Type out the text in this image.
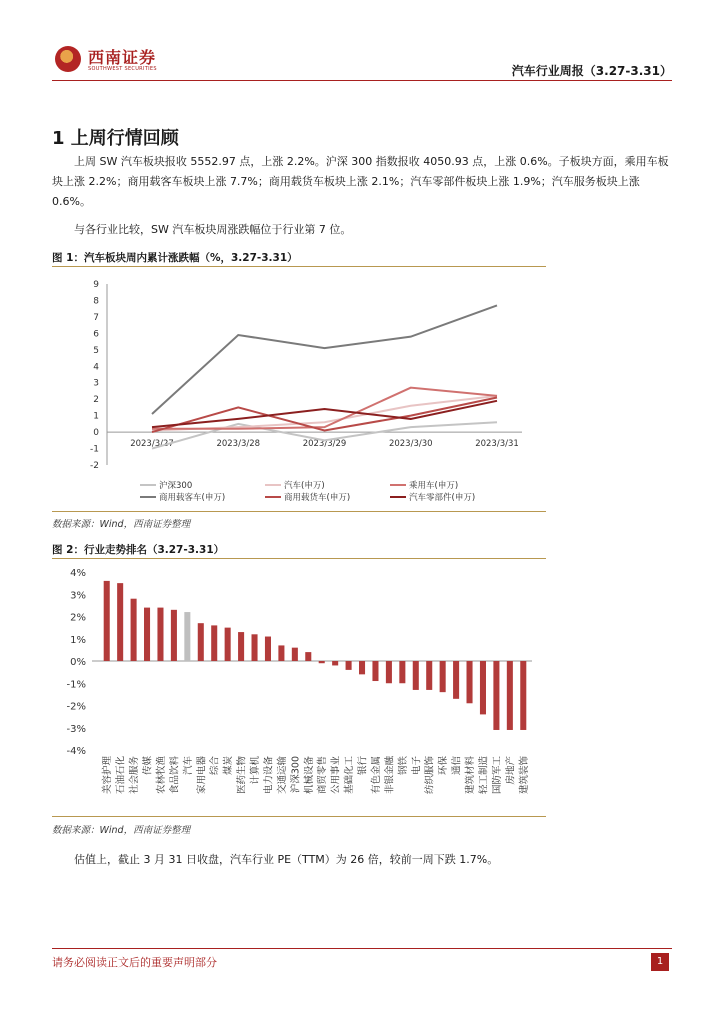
西南证券
SOUTHWEST SECURITIES	汽车行业周报（3.27-3.31）
1 上周行情回顾

上周 SW 汽车板块报收 5552.97 点，上涨 2.2%。沪深 300 指数报收 4050.93 点，上涨 0.6%。子板块方面，乘用车板块上涨 2.2%；商用载客车板块上涨 7.7%；商用载货车板块上涨 2.1%；汽车零部件板块上涨 1.9%；汽车服务板块上涨 0.6%。

与各行业比较，SW 汽车板块周涨跌幅位于行业第 7 位。

图 1：汽车板块周内累计涨跌幅（%，3.27-3.31）
-2
-1
0
1
2
3
4
5
6
7
8
9
2023/3/27	2023/3/28	2023/3/29	2023/3/30	2023/3/31
沪深300	汽车(申万)	乘用车(申万)
商用载客车(申万)	商用载货车(申万)	汽车零部件(申万)
数据来源：Wind，西南证券整理
图 2：行业走势排名（3.27-3.31）
4%
3%
2%
1%
0%
-1%
-2%
-3%
-4%
美容护理 石油石化 社会服务 传媒 农林牧渔 食品饮料 汽车 家用电器 综合 煤炭 医药生物 计算机 电力设备 交通运输 沪深300 机械设备 商贸零售 公用事业 基础化工 银行 有色金属 非银金融 钢铁 电子 纺织服饰 环保 通信 建筑材料 轻工制造 国防军工 房地产 建筑装饰
数据来源：Wind，西南证券整理

估值上，截止 3 月 31 日收盘，汽车行业 PE（TTM）为 26 倍，较前一周下跌 1.7%。

请务必阅读正文后的重要声明部分	1
